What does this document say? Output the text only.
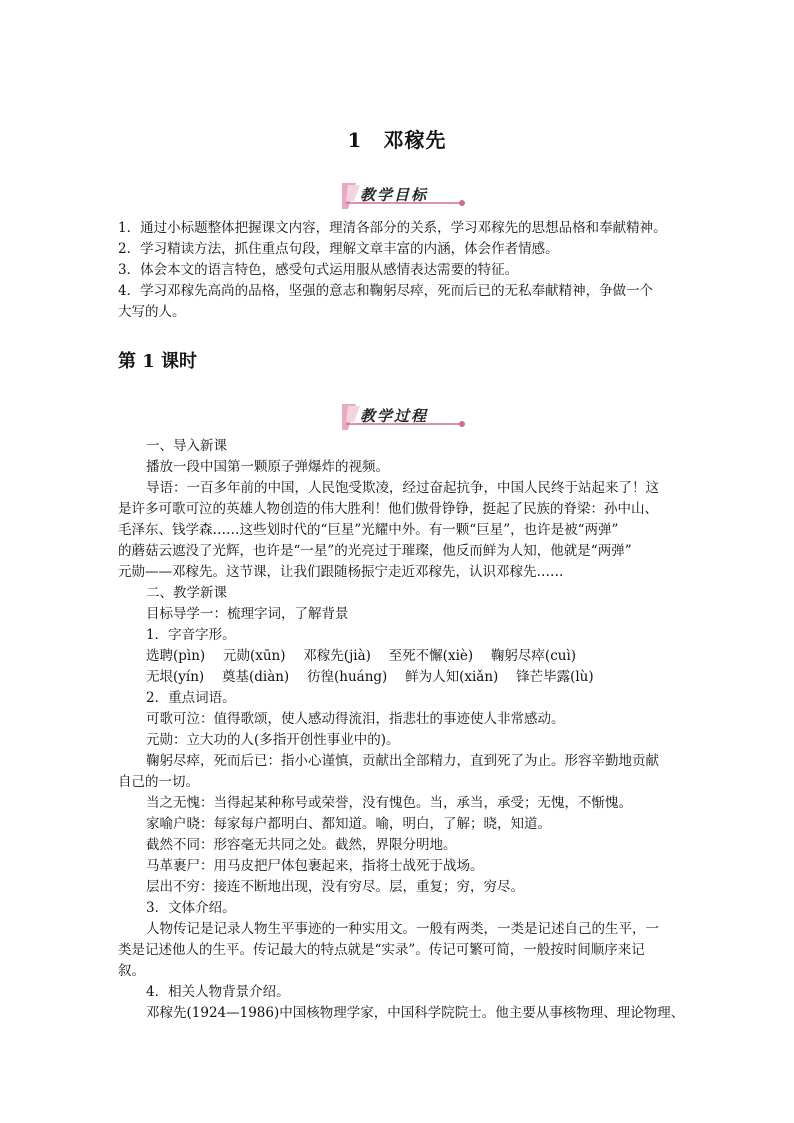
1　邓稼先
教学目标
1．通过小标题整体把握课文内容，理清各部分的关系，学习邓稼先的思想品格和奉献精神。
2．学习精读方法，抓住重点句段，理解文章丰富的内涵，体会作者情感。
3．体会本文的语言特色，感受句式运用服从感情表达需要的特征。
4．学习邓稼先高尚的品格，坚强的意志和鞠躬尽瘁，死而后已的无私奉献精神，争做一个
大写的人。
第 1 课时
教学过程
一、导入新课
播放一段中国第一颗原子弹爆炸的视频。
导语：一百多年前的中国，人民饱受欺凌，经过奋起抗争，中国人民终于站起来了！这
是许多可歌可泣的英雄人物创造的伟大胜利！他们傲骨铮铮，挺起了民族的脊梁：孙中山、
毛泽东、钱学森……这些划时代的“巨星”光耀中外。有一颗“巨星”，也许是被“两弹”
的蘑菇云遮没了光辉，也许是“一星”的光亮过于璀璨，他反而鲜为人知，他就是“两弹”
元勋——邓稼先。这节课，让我们跟随杨振宁走近邓稼先，认识邓稼先……
二、教学新课
目标导学一：梳理字词，了解背景
1．字音字形。
选聘(pìn)　 元勋(xūn)　 邓稼先(jià)　 至死不懈(xiè)　 鞠躬尽瘁(cuì)
无垠(yín)　 奠基(diàn)　 彷徨(huáng)　 鲜为人知(xiǎn)　 锋芒毕露(lù)
2．重点词语。
可歌可泣：值得歌颂，使人感动得流泪，指悲壮的事迹使人非常感动。
元勋：立大功的人(多指开创性事业中的)。
鞠躬尽瘁，死而后已：指小心谨慎，贡献出全部精力，直到死了为止。形容辛勤地贡献
自己的一切。
当之无愧：当得起某种称号或荣誉，没有愧色。当，承当，承受；无愧，不惭愧。
家喻户晓：每家每户都明白、都知道。喻，明白，了解；晓，知道。
截然不同：形容毫无共同之处。截然，界限分明地。
马革裹尸：用马皮把尸体包裹起来，指将士战死于战场。
层出不穷：接连不断地出现，没有穷尽。层，重复；穷，穷尽。
3．文体介绍。
人物传记是记录人物生平事迹的一种实用文。一般有两类，一类是记述自己的生平，一
类是记述他人的生平。传记最大的特点就是“实录”。传记可繁可简，一般按时间顺序来记
叙。
4．相关人物背景介绍。
邓稼先(1924—1986)中国核物理学家，中国科学院院士。他主要从事核物理、理论物理、
